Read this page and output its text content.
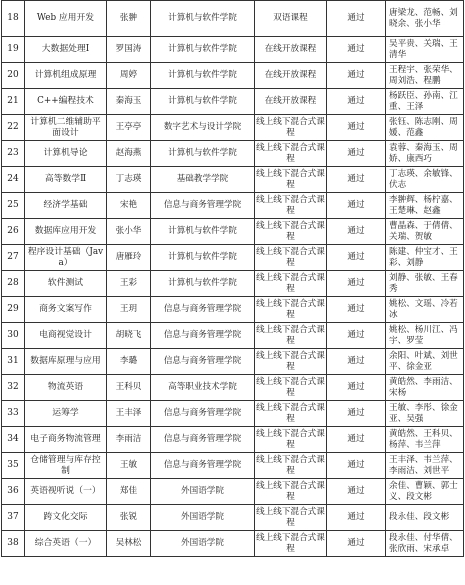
18	Web 应用开发	张翀	计算机与软件学院	双语课程	通过	唐梁龙、范畅、刘晓余、张小华
19	大数据处理Ⅰ	罗国涛	计算机与软件学院	在线开放课程	通过	吴平贵、关瑞、王清华
20	计算机组成原理	周婷	计算机与软件学院	在线开放课程	通过	王程宇、张荣华、周刘浩、程鹏
21	C++编程技术	秦海玉	计算机与软件学院	在线开放课程	通过	杨跃臣、孙南、江重、王泽
22	计算机二维辅助平面设计	王亭亭	数字艺术与设计学院	线上线下混合式课程	通过	张钰、陈志刚、周媛、范鑫
23	计算机导论	赵海燕	计算机与软件学院	线上线下混合式课程	通过	袁蓉、秦海玉、周娇、康西巧
24	高等数学Ⅱ	丁志瑛	基础教学学院	线上线下混合式课程	通过	丁志瑛、余敏锋、伏志
25	经济学基础	宋艳	信息与商务管理学院	线上线下混合式课程	通过	李翀辉、杨柠嘉、王楚琳、赵鑫
26	数据库应用开发	张小华	计算机与软件学院	线上线下混合式课程	通过	曹晶森、于倩倩、关瑞、贺敏
27	程序设计基础（Java）	唐雁玲	计算机与软件学院	线上线下混合式课程	通过	陈建、仲宝才、王彩、刘静
28	软件测试	王彩	计算机与软件学院	线上线下混合式课程	通过	刘静、张敏、王春秀
29	商务文案写作	王玥	信息与商务管理学院	线上线下混合式课程	通过	姚松、文瑶、冷若冰
30	电商视觉设计	胡晓飞	信息与商务管理学院	线上线下混合式课程	通过	姚松、杨川江、冯宇、罗莹
31	数据库原理与应用	李璐	信息与商务管理学院	线上线下混合式课程	通过	余阳、叶斌、刘世平、徐金亚
32	物流英语	王科贝	高等职业技术学院	线上线下混合式课程	通过	黄皓然、李雨洁、宋杨
33	运筹学	王丰泽	信息与商务管理学院	线上线下混合式课程	通过	王敏、李彤、徐金亚、吴强
34	电子商务物流管理	李雨洁	信息与商务管理学院	线上线下混合式课程	通过	黄皓然、王科贝、杨萍、韦兰萍
35	仓储管理与库存控制	王敏	信息与商务管理学院	线上线下混合式课程	通过	王丰泽、韦兰萍、李雨洁、刘世平
36	英语视听说（一）	郑佳	外国语学院	线上线下混合式课程	通过	余佳、曹颖、郭士义、段文彬
37	跨文化交际	张锐	外国语学院	线上线下混合式课程	通过	段永佳、段文彬
38	综合英语（一）	吴林松	外国语学院	线上线下混合式课程	通过	段永佳、付华倩、张欣雨、宋承卓
